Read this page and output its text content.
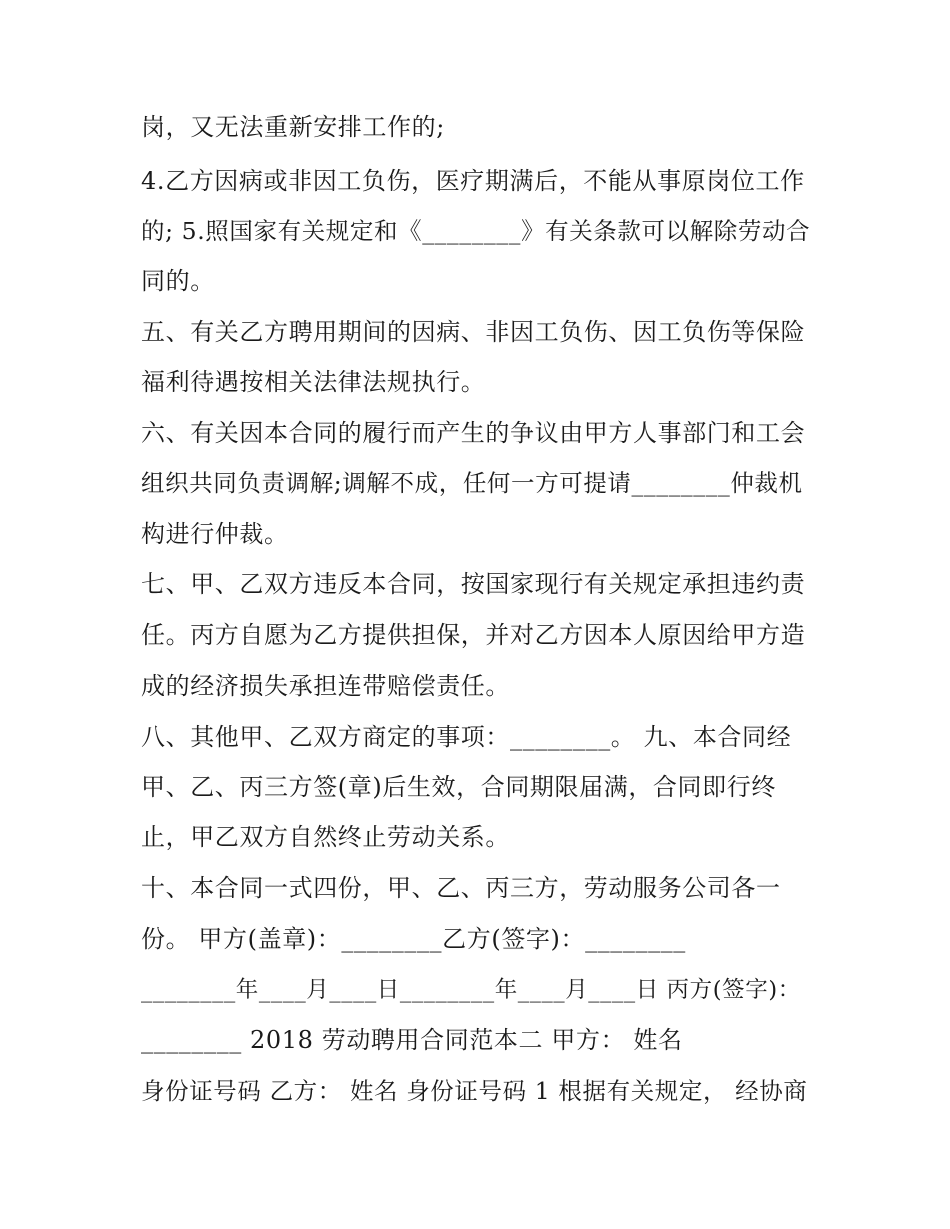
岗，又无法重新安排工作的;

4.乙方因病或非因工负伤，医疗期满后，不能从事原岗位工作

的; 5.照国家有关规定和《________》有关条款可以解除劳动合

同的。

五、有关乙方聘用期间的因病、非因工负伤、因工负伤等保险

福利待遇按相关法律法规执行。

六、有关因本合同的履行而产生的争议由甲方人事部门和工会

组织共同负责调解;调解不成，任何一方可提请________仲裁机

构进行仲裁。

七、甲、乙双方违反本合同，按国家现行有关规定承担违约责

任。丙方自愿为乙方提供担保，并对乙方因本人原因给甲方造

成的经济损失承担连带赔偿责任。

八、其他甲、乙双方商定的事项：________。 九、本合同经

甲、乙、丙三方签(章)后生效，合同期限届满，合同即行终

止，甲乙双方自然终止劳动关系。

十、本合同一式四份，甲、乙、丙三方，劳动服务公司各一

份。 甲方(盖章)：________乙方(签字)：________

________年____月____日________年____月____日 丙方(签字)：

________ 2018 劳动聘用合同范本二 甲方： 姓名

身份证号码 乙方： 姓名 身份证号码 1 根据有关规定， 经协商
